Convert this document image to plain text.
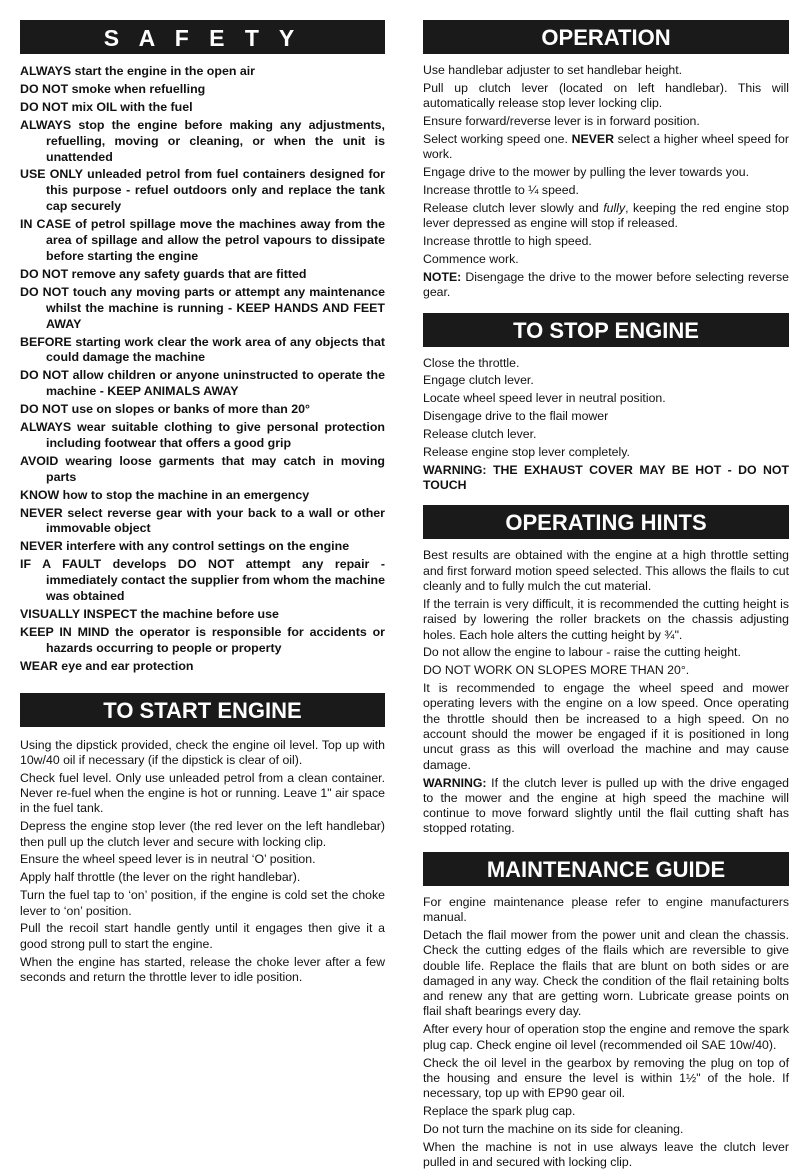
S A F E T Y

ALWAYS start the engine in the open air

DO NOT smoke when refuelling

DO NOT mix OIL with the fuel

ALWAYS stop the engine before making any adjustments, refuelling, moving or cleaning, or when the unit is unattended

USE ONLY unleaded petrol from fuel containers designed for this purpose - refuel outdoors only and replace the tank cap securely

IN CASE of petrol spillage move the machines away from the area of spillage and allow the petrol vapours to dissipate before starting the engine

DO NOT remove any safety guards that are fitted

DO NOT touch any moving parts or attempt any maintenance whilst the machine is running - KEEP HANDS AND FEET AWAY

BEFORE starting work clear the work area of any objects that could damage the machine

DO NOT allow children or anyone uninstructed to operate the machine - KEEP ANIMALS AWAY

DO NOT use on slopes or banks of more than 20°

ALWAYS wear suitable clothing to give personal protection including footwear that offers a good grip

AVOID wearing loose garments that may catch in moving parts

KNOW how to stop the machine in an emergency

NEVER select reverse gear with your back to a wall or other immovable object

NEVER interfere with any control settings on the engine

IF A FAULT develops DO NOT attempt any repair - immediately contact the supplier from whom the machine was obtained

VISUALLY INSPECT the machine before use

KEEP IN MIND the operator is responsible for accidents or hazards occurring to people or property

WEAR eye and ear protection

TO START ENGINE

Using the dipstick provided, check the engine oil level. Top up with 10w/40 oil if necessary (if the dipstick is clear of oil).

Check fuel level. Only use unleaded petrol from a clean container. Never re-fuel when the engine is hot or running. Leave 1" air space in the fuel tank.

Depress the engine stop lever (the red lever on the left handlebar) then pull up the clutch lever and secure with locking clip.

Ensure the wheel speed lever is in neutral ‘O’ position.

Apply half throttle (the lever on the right handlebar).

Turn the fuel tap to ‘on’ position, if the engine is cold set the choke lever to ‘on’ position.

Pull the recoil start handle gently until it engages then give it a good strong pull to start the engine.

When the engine has started, release the choke lever after a few seconds and return the throttle lever to idle position.

OPERATION

Use handlebar adjuster to set handlebar height.

Pull up clutch lever (located on left handlebar). This will automatically release stop lever locking clip.

Ensure forward/reverse lever is in forward position.

Select working speed one. NEVER select a higher wheel speed for work.

Engage drive to the mower by pulling the lever towards you.

Increase throttle to ¼ speed.

Release clutch lever slowly and fully, keeping the red engine stop lever depressed as engine will stop if released.

Increase throttle to high speed.

Commence work.

NOTE: Disengage the drive to the mower before selecting reverse gear.

TO STOP ENGINE

Close the throttle.

Engage clutch lever.

Locate wheel speed lever in neutral position.

Disengage drive to the flail mower

Release clutch lever.

Release engine stop lever completely.

WARNING: THE EXHAUST COVER MAY BE HOT - DO NOT TOUCH

OPERATING HINTS

Best results are obtained with the engine at a high throttle setting and first forward motion speed selected. This allows the flails to cut cleanly and to fully mulch the cut material.

If the terrain is very difficult, it is recommended the cutting height is raised by lowering the roller brackets on the chassis adjusting holes. Each hole alters the cutting height by ¾".

Do not allow the engine to labour - raise the cutting height.

DO NOT WORK ON SLOPES MORE THAN 20°.

It is recommended to engage the wheel speed and mower operating levers with the engine on a low speed. Once operating the throttle should then be increased to a high speed. On no account should the mower be engaged if it is positioned in long uncut grass as this will overload the machine and may cause damage.

WARNING: If the clutch lever is pulled up with the drive engaged to the mower and the engine at high speed the machine will continue to move forward slightly until the flail cutting shaft has stopped rotating.

MAINTENANCE GUIDE

For engine maintenance please refer to engine manufacturers manual.

Detach the flail mower from the power unit and clean the chassis. Check the cutting edges of the flails which are reversible to give double life. Replace the flails that are blunt on both sides or are damaged in any way. Check the condition of the flail retaining bolts and renew any that are getting worn. Lubricate grease points on flail shaft bearings every day.

After every hour of operation stop the engine and remove the spark plug cap. Check engine oil level (recommended oil SAE 10w/40).

Check the oil level in the gearbox by removing the plug on top of the housing and ensure the level is within 1½" of the hole. If necessary, top up with EP90 gear oil.

Replace the spark plug cap.

Do not turn the machine on its side for cleaning.

When the machine is not in use always leave the clutch lever pulled in and secured with locking clip.
